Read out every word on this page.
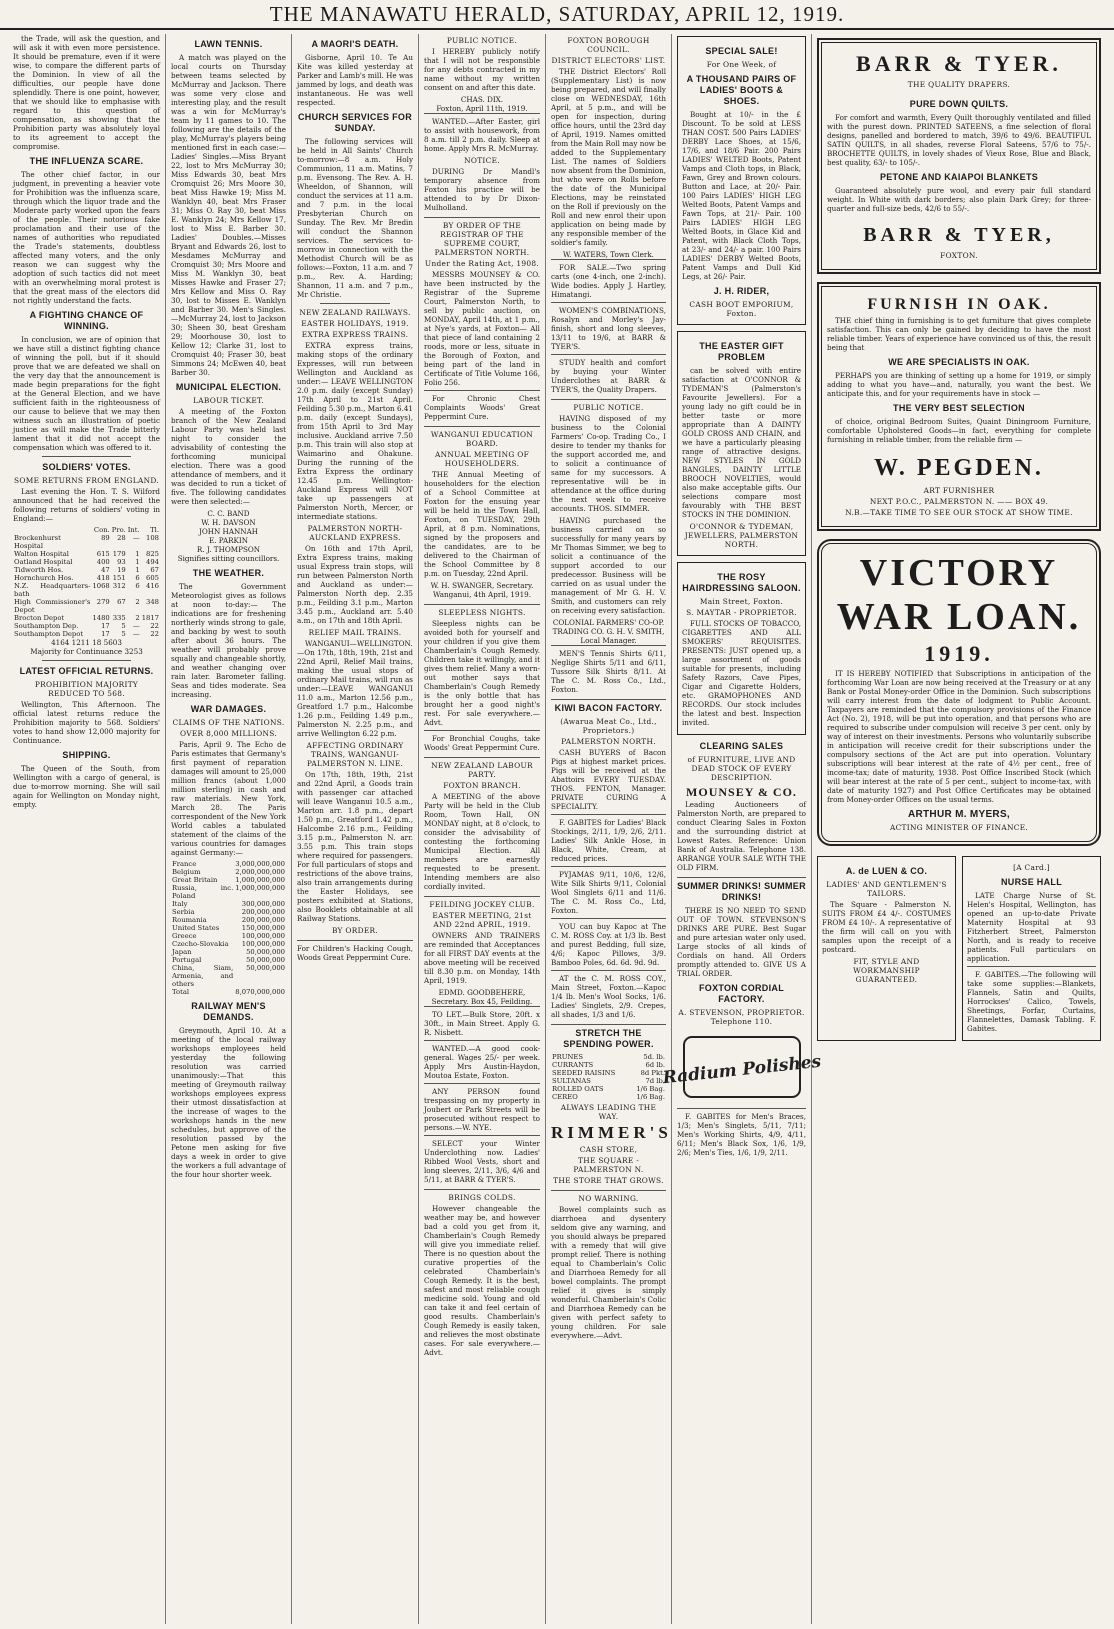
THE MANAWATU HERALD, SATURDAY, APRIL 12, 1919.

the Trade, will ask the question, and will ask it with even more persistence. It should be premature, even if it were wise, to compare the different parts of the Dominion. In view of all the difficulties, our people have done splendidly. There is one point, however, that we should like to emphasise with regard to this question of compensation, as showing that the Prohibition party was absolutely loyal to its agreement to accept the compromise.

THE INFLUENZA SCARE.

The other chief factor, in our judgment, in preventing a heavier vote for Prohibition was the influenza scare, through which the liquor trade and the Moderate party worked upon the fears of the people. Their notorious fake proclamation and their use of the names of authorities who repudiated the Trade's statements, doubtless affected many voters, and the only reason we can suggest why the adoption of such tactics did not meet with an overwhelming moral protest is that the great mass of the electors did not rightly understand the facts.

A FIGHTING CHANCE OF WINNING.

In conclusion, we are of opinion that we have still a distinct fighting chance of winning the poll, but if it should prove that we are defeated we shall on the very day that the announcement is made begin preparations for the fight at the General Election, and we have sufficient faith in the righteousness of our cause to believe that we may then witness such an illustration of poetic justice as will make the Trade bitterly lament that it did not accept the compensation which was offered to it.

SOLDIERS' VOTES.
SOME RETURNS FROM ENGLAND.

Last evening the Hon. T. S. Wilford announced that he had received the following returns of soldiers' voting in England:—

	Con.	Pro.	Int.	Tl.
Brockenhurst Hospital	89	28	—	108
Walton Hospital	615	179	1	825
Oatland Hospital	400	93	1	494
Tidworth Hos.	47	19	1	67
Hornchurch Hos.	418	151	6	605
N.Z. Headquarters-bath	1068	312	6	416
High Commissioner's Depot	279	67	2	348
Brocton Depot	1480	335	2	1817
Southampton Dep.	17	5	—	22
Southampton Depot	17	5	—	22
4164 1211 18 5603
Majority for Continuance 3253
LATEST OFFICIAL RETURNS.
PROHIBITION MAJORITY REDUCED TO 568.

Wellington, This Afternoon. The official latest returns reduce the Prohibition majority to 568. Soldiers' votes to hand show 12,000 majority for Continuance.

SHIPPING.

The Queen of the South, from Wellington with a cargo of general, is due to-morrow morning. She will sail again for Wellington on Monday night, empty.

LAWN TENNIS.

A match was played on the local courts on Thursday between teams selected by McMurray and Jackson. There was some very close and interesting play, and the result was a win for McMurray's team by 11 games to 10. The following are the details of the play, McMurray's players being mentioned first in each case:— Ladies' Singles.—Miss Bryant 22, lost to Mrs McMurray 30; Miss Edwards 30, beat Mrs Cromquist 26; Mrs Moore 30, beat Miss Hawke 19; Miss M. Wanklyn 40, beat Mrs Fraser 31; Miss O. Ray 30, beat Miss E. Wanklyn 24; Mrs Kellow 17, lost to Miss E. Barber 30. Ladies' Doubles.—Misses Bryant and Edwards 26, lost to Mesdames McMurray and Cromquist 30; Mrs Moore and Miss M. Wanklyn 30, beat Misses Hawke and Fraser 27; Mrs Kellow and Miss O. Ray 30, lost to Misses E. Wanklyn and Barber 30. Men's Singles.—McMurray 24, lost to Jackson 30; Sheen 30, beat Gresham 29; Moorhouse 30, lost to Kellow 12; Clarke 31, lost to Cromquist 40; Fraser 30, beat Simmons 24; McEwen 40, beat Barber 30.

MUNICIPAL ELECTION.
LABOUR TICKET.

A meeting of the Foxton branch of the New Zealand Labour Party was held last night to consider the advisability of contesting the forthcoming municipal election. There was a good attendance of members, and it was decided to run a ticket of five. The following candidates were then selected:—

C. C. BAND
W. H. DAVSON
JOHN HANNAH
E. PARKIN
R. J. THOMPSON
Signifies sitting councillors.
THE WEATHER.

The Government Meteorologist gives as follows at noon to-day:— The indications are for freshening northerly winds strong to gale, and backing by west to south after about 36 hours. The weather will probably prove squally and changeable shortly, and weather changing over rain later. Barometer falling. Seas and tides moderate. Sea increasing.

WAR DAMAGES.
CLAIMS OF THE NATIONS.
OVER 8,000 MILLIONS.

Paris, April 9. The Echo de Paris estimates that Germany's first payment of reparation damages will amount to 25,000 million francs (about 1,000 million sterling) in cash and raw materials. New York, March 28. The Paris correspondent of the New York World cables a tabulated statement of the claims of the various countries for damages against Germany:—

France	3,000,000,000
Belgium	2,000,000,000
Great Britain	1,000,000,000
Russia, inc. Poland	1,000,000,000
Italy	300,000,000
Serbia	200,000,000
Roumania	200,000,000
United States	150,000,000
Greece	100,000,000
Czecho-Slovakia	100,000,000
Japan	50,000,000
Portugal	50,000,000
China, Siam, Armenia, and others	50,000,000
Total	8,070,000,000
RAILWAY MEN'S DEMANDS.

Greymouth, April 10. At a meeting of the local railway workshops employees held yesterday the following resolution was carried unanimously:—That this meeting of Greymouth railway workshops employees express their utmost dissatisfaction at the increase of wages to the workshops hands in the new schedules, but approve of the resolution passed by the Petone men asking for five days a week in order to give the workers a full advantage of the four hour shorter week.

A MAORI'S DEATH.

Gisborne, April 10. Te Au Kite was killed yesterday at Parker and Lamb's mill. He was jammed by logs, and death was instantaneous. He was well respected.

CHURCH SERVICES FOR SUNDAY.

The following services will be held in All Saints' Church to-morrow:—8 a.m. Holy Communion, 11 a.m. Matins, 7 p.m. Evensong. The Rev. A. H. Wheeldon, of Shannon, will conduct the services at 11 a.m. and 7 p.m. in the local Presbyterian Church on Sunday. The Rev. Mr Bredin will conduct the Shannon services. The services to-morrow in connection with the Methodist Church will be as follows:—Foxton, 11 a.m. and 7 p.m., Rev. A. Harding; Shannon, 11 a.m. and 7 p.m., Mr Christie.

NEW ZEALAND RAILWAYS.
EASTER HOLIDAYS, 1919.
EXTRA EXPRESS TRAINS.

EXTRA express trains, making stops of the ordinary Expresses, will run between Wellington and Auckland as under:— LEAVE WELLINGTON 2.0 p.m. daily (except Sunday) 17th April to 21st April. Feilding 5.30 p.m., Marton 6.41 p.m. daily (except Sundays), from 15th April to 3rd May inclusive. Auckland arrive 7.50 p.m. This train will also stop at Waimarino and Ohakune. During the running of the Extra Express the ordinary 12.45 p.m. Wellington-Auckland Express will NOT take up passengers at Palmerston North, Mercer, or intermediate stations.

PALMERSTON NORTH-AUCKLAND EXPRESS.

On 16th and 17th April, Extra Express trains, making usual Express train stops, will run between Palmerston North and Auckland as under:—Palmerston North dep. 2.35 p.m., Feilding 3.1 p.m., Marton 3.45 p.m., Auckland arr. 5.40 a.m., on 17th and 18th April.

RELIEF MAIL TRAINS.

WANGANUI—WELLINGTON.—On 17th, 18th, 19th, 21st and 22nd April, Relief Mail trains, making the usual stops of ordinary Mail trains, will run as under:—LEAVE WANGANUI 11.0 a.m., Marton 12.56 p.m., Greatford 1.7 p.m., Halcombe 1.26 p.m., Feilding 1.49 p.m., Palmerston N. 2.25 p.m., and arrive Wellington 6.22 p.m.

AFFECTING ORDINARY TRAINS, WANGANUI-PALMERSTON N. LINE.

On 17th, 18th, 19th, 21st and 22nd April, a Goods train with passenger car attached will leave Wanganui 10.5 a.m., Marton arr. 1.8 p.m., depart 1.50 p.m., Greatford 1.42 p.m., Halcombe 2.16 p.m., Feilding 3.15 p.m., Palmerston N. arr. 3.55 p.m. This train stops where required for passengers. For full particulars of stops and restrictions of the above trains, also train arrangements during the Easter Holidays, see posters exhibited at Stations, also Booklets obtainable at all Railway Stations.

BY ORDER.
For Children's Hacking Cough, Woods Great Peppermint Cure.
PUBLIC NOTICE.

I HEREBY publicly notify that I will not be responsible for any debts contracted in my name without my written consent on and after this date.

CHAS. DIX.
Foxton, April 11th, 1919.

WANTED.—After Easter, girl to assist with housework, from 8 a.m. till 2 p.m. daily. Sleep at home. Apply Mrs R. McMurray.

NOTICE.

DURING Dr Mandl's temporary absence from Foxton his practice will be attended to by Dr Dixon-Mulholland.

BY ORDER OF THE REGISTRAR OF THE SUPREME COURT, PALMERSTON NORTH.
Under the Rating Act, 1908.

MESSRS MOUNSEY & CO. have been instructed by the Registrar of the Supreme Court, Palmerston North, to sell by public auction, on MONDAY, April 14th, at 1 p.m., at Nye's yards, at Foxton— All that piece of land containing 2 roods, more or less, situate in the Borough of Foxton, and being part of the land in Certificate of Title Volume 166, Folio 256.

For Chronic Chest Complaints Woods' Great Peppermint Cure.

WANGANUI EDUCATION BOARD.
ANNUAL MEETING OF HOUSEHOLDERS.

THE Annual Meeting of householders for the election of a School Committee at Foxton for the ensuing year will be held in the Town Hall, Foxton, on TUESDAY, 29th April, at 8 p.m. Nominations, signed by the proposers and the candidates, are to be delivered to the Chairman of the School Committee by 8 p.m. on Tuesday, 22nd April.

W. H. SWANGER, Secretary.
Wanganui, 4th April, 1919.
SLEEPLESS NIGHTS.

Sleepless nights can be avoided both for yourself and your children if you give them Chamberlain's Cough Remedy. Children take it willingly, and it gives them relief. Many a worn-out mother says that Chamberlain's Cough Remedy is the only bottle that has brought her a good night's rest. For sale everywhere.—Advt.

For Bronchial Coughs, take Woods' Great Peppermint Cure.

NEW ZEALAND LABOUR PARTY.
FOXTON BRANCH.

A MEETING of the above Party will be held in the Club Room, Town Hall, ON MONDAY night, at 8 o'clock, to consider the advisability of contesting the forthcoming Municipal Election. All members are earnestly requested to be present. Intending members are also cordially invited.

FEILDING JOCKEY CLUB.
EASTER MEETING, 21st AND 22nd APRIL, 1919.

OWNERS AND TRAINERS are reminded that Acceptances for all FIRST DAY events at the above meeting will be received till 8.30 p.m. on Monday, 14th April, 1919.

EDMD. GOODBEHERE, Secretary. Box 45, Feilding.

TO LET.—Bulk Store, 20ft. x 30ft., in Main Street. Apply G. R. Nisbett.

WANTED.—A good cook-general. Wages 25/- per week. Apply Mrs Austin-Haydon, Moutoa Estate, Foxton.

ANY PERSON found trespassing on my property in Joubert or Park Streets will be prosecuted without respect to persons.—W. NYE.

SELECT your Winter Underclothing now. Ladies' Ribbed Wool Vests, short and long sleeves, 2/11, 3/6, 4/6 and 5/11, at BARR & TYER'S.

BRINGS COLDS.

However changeable the weather may be, and however bad a cold you get from it, Chamberlain's Cough Remedy will give you immediate relief. There is no question about the curative properties of the celebrated Chamberlain's Cough Remedy. It is the best, safest and most reliable cough medicine sold. Young and old can take it and feel certain of good results. Chamberlain's Cough Remedy is easily taken, and relieves the most obstinate cases. For sale everywhere.—Advt.

FOXTON BOROUGH COUNCIL.
DISTRICT ELECTORS' LIST.

THE District Electors' Roll (Supplementary List) is now being prepared, and will finally close on WEDNESDAY, 16th April, at 5 p.m., and will be open for inspection, during office hours, until the 23rd day of April, 1919. Names omitted from the Main Roll may now be added to the Supplementary List. The names of Soldiers now absent from the Dominion, but who were on Rolls before the date of the Municipal Elections, may be reinstated on the Roll if previously on the Roll and new enrol their upon application on being made by any responsible member of the soldier's family.

W. WATERS, Town Clerk.

FOR SALE.—Two spring carts (one 4-inch, one 2-inch). Wide bodies. Apply J. Hartley, Himatangi.

WOMEN'S COMBINATIONS, Rosalyn and Morley's Jay-finish, short and long sleeves, 13/11 to 19/6, at BARR & TYER'S.

STUDY health and comfort by buying your Winter Underclothes at BARR & TYER'S, the Quality Drapers.

PUBLIC NOTICE.

HAVING disposed of my business to the Colonial Farmers' Co-op. Trading Co., I desire to tender my thanks for the support accorded me, and to solicit a continuance of same for my successors. A representative will be in attendance at the office during the next week to receive accounts. THOS. SIMMER.

HAVING purchased the business carried on so successfully for many years by Mr Thomas Simmer, we beg to solicit a continuance of the support accorded to our predecessor. Business will be carried on as usual under the management of Mr G. H. V. Smith, and customers can rely on receiving every satisfaction.

COLONIAL FARMERS' CO-OP. TRADING CO. G. H. V. SMITH, Local Manager.

MEN'S Tennis Shirts 6/11, Neglige Shirts 5/11 and 6/11, Tussore Silk Shirts 8/11. At The C. M. Ross Co., Ltd., Foxton.

KIWI BACON FACTORY.
(Awarua Meat Co., Ltd., Proprietors.)
PALMERSTON NORTH.

CASH BUYERS of Bacon Pigs at highest market prices. Pigs will be received at the Abattoirs EVERY TUESDAY. THOS. FENTON, Manager. PRIVATE CURING A SPECIALITY.

F. GABITES for Ladies' Black Stockings, 2/11, 1/9, 2/6, 2/11. Ladies' Silk Ankle Hose, in Black, White, Cream, at reduced prices.

PYJAMAS 9/11, 10/6, 12/6, Wite Silk Shirts 9/11, Colonial Wool Singlets 6/11 and 11/6. The C. M. Ross Co., Ltd, Foxton.

YOU can buy Kapoc at The C. M. ROSS Coy. at 1/3 lb. Best and purest Bedding, full size, 4/6; Kapoc Pillows, 3/9. Bamboo Poles, 6d. 6d. 9d. 9d.

AT the C. M. ROSS COY., Main Street, Foxton.—Kapoc 1/4 lb. Men's Wool Socks, 1/6. Ladies' Singlets, 2/9. Crepes, all shades, 1/3 and 1/6.

STRETCH THE SPENDING POWER.
PRUNES	5d. lb.
CURRANTS	6d lb.
SEEDED RAISINS	8d Pkt.
SULTANAS	7d lb.
ROLLED OATS	1/6 Bag.
CEREO	1/6 Bag.
ALWAYS LEADING THE WAY.
RIMMER'S
CASH STORE,
THE SQUARE - PALMERSTON N.
THE STORE THAT GROWS.
NO WARNING.

Bowel complaints such as diarrhoea and dysentery seldom give any warning, and you should always be prepared with a remedy that will give prompt relief. There is nothing equal to Chamberlain's Colic and Diarrhoea Remedy for all bowel complaints. The prompt relief it gives is simply wonderful. Chamberlain's Colic and Diarrhoea Remedy can be given with perfect safety to young children. For sale everywhere.—Advt.

SPECIAL SALE!
For One Week, of
A THOUSAND PAIRS OF LADIES' BOOTS & SHOES.

Bought at 10/- in the £ Discount. To be sold at LESS THAN COST. 500 Pairs LADIES' DERBY Lace Shoes, at 15/6, 17/6, and 18/6 Pair. 200 Pairs LADIES' WELTED Boots, Patent Vamps and Cloth tops, in Black, Fawn, Grey and Brown colours. Button and Lace, at 20/- Pair. 100 Pairs LADIES' HIGH LEG Welted Boots, Patent Vamps and Fawn Tops, at 21/- Pair. 100 Pairs LADIES' HIGH LEG Welted Boots, in Glace Kid and Patent, with Black Cloth Tops, at 23/- and 24/- a pair. 100 Pairs LADIES' DERBY Welted Boots, Patent Vamps and Dull Kid Legs, at 26/- Pair.

J. H. RIDER,
CASH BOOT EMPORIUM, Foxton.
THE EASTER GIFT PROBLEM

can be solved with entire satisfaction at O'CONNOR & TYDEMAN'S (Palmerston's Favourite Jewellers). For a young lady no gift could be in better taste or more appropriate than A DAINTY GOLD CROSS AND CHAIN, and we have a particularly pleasing range of attractive designs. NEW STYLES IN GOLD BANGLES, DAINTY LITTLE BROOCH NOVELTIES, would also make acceptable gifts. Our selections compare most favourably with THE BEST STOCKS IN THE DOMINION.

O'CONNOR & TYDEMAN, JEWELLERS, PALMERSTON NORTH.
THE ROSY HAIRDRESSING SALOON.
Main Street, Foxton.
S. MAYTAR - PROPRIETOR.

FULL STOCKS OF TOBACCO, CIGARETTES AND ALL SMOKERS' REQUISITES. PRESENTS: JUST opened up, a large assortment of goods suitable for presents, including Safety Razors, Cave Pipes, Cigar and Cigarette Holders, etc. GRAMOPHONES AND RECORDS. Our stock includes the latest and best. Inspection invited.

CLEARING SALES
of FURNITURE, LIVE AND DEAD STOCK OF EVERY DESCRIPTION.
MOUNSEY & CO.

Leading Auctioneers of Palmerston North, are prepared to conduct Clearing Sales in Foxton and the surrounding district at Lowest Rates. Reference: Union Bank of Australia. Telephone 138. ARRANGE YOUR SALE WITH THE OLD FIRM.

SUMMER DRINKS! SUMMER DRINKS!

THERE IS NO NEED TO SEND OUT OF TOWN. STEVENSON'S DRINKS ARE PURE. Best Sugar and pure artesian water only used. Large stocks of all kinds of Cordials on hand. All Orders promptly attended to. GIVE US A TRIAL ORDER.

FOXTON CORDIAL FACTORY.
A. STEVENSON, PROPRIETOR. Telephone 110.
Radium Polishes

F. GABITES for Men's Braces, 1/3; Men's Singlets, 5/11, 7/11; Men's Working Shirts, 4/9, 4/11, 6/11; Men's Black Sox, 1/6, 1/9, 2/6; Men's Ties, 1/6, 1/9, 2/11.

BARR & TYER.
THE QUALITY DRAPERS.
PURE DOWN QUILTS.

For comfort and warmth, Every Quilt thoroughly ventilated and filled with the purest down. PRINTED SATEENS, a fine selection of floral designs, panelled and bordered to match, 39/6 to 49/6. BEAUTIFUL SATIN QUILTS, in all shades, reverse Floral Sateens, 57/6 to 75/-. BROCHETTE QUILTS, in lovely shades of Vieux Rose, Blue and Black, best quality, 63/- to 105/-.

PETONE AND KAIAPOI BLANKETS

Guaranteed absolutely pure wool, and every pair full standard weight. In White with dark borders; also plain Dark Grey; for three-quarter and full-size beds, 42/6 to 55/-.

BARR & TYER,
FOXTON.
FURNISH IN OAK.

THE chief thing in furnishing is to get furniture that gives complete satisfaction. This can only be gained by deciding to have the most reliable timber. Years of experience have convinced us of this, the result being that

WE ARE SPECIALISTS IN OAK.

PERHAPS you are thinking of setting up a home for 1919, or simply adding to what you have—and, naturally, you want the best. We anticipate this, and for your requirements have in stock —

THE VERY BEST SELECTION

of choice, original Bedroom Suites, Quaint Diningroom Furniture, comfortable Upholstered Goods—in fact, everything for complete furnishing in reliable timber, from the reliable firm —

W. PEGDEN.
ART FURNISHER
NEXT P.O.C., PALMERSTON N. —— BOX 49.
N.B.—TAKE TIME TO SEE OUR STOCK AT SHOW TIME.
VICTORY
WAR LOAN.
1919.

IT IS HEREBY NOTIFIED that Subscriptions in anticipation of the forthcoming War Loan are now being received at the Treasury or at any Bank or Postal Money-order Office in the Dominion. Such subscriptions will carry interest from the date of lodgment to Public Account. Taxpayers are reminded that the compulsory provisions of the Finance Act (No. 2), 1918, will be put into operation, and that persons who are required to subscribe under compulsion will receive 3 per cent. only by way of interest on their investments. Persons who voluntarily subscribe in anticipation will receive credit for their subscriptions under the compulsory sections of the Act are put into operation. Voluntary subscriptions will bear interest at the rate of 4½ per cent., free of income-tax; date of maturity, 1938. Post Office Inscribed Stock (which will bear interest at the rate of 5 per cent., subject to income-tax, with date of maturity 1927) and Post Office Certificates may be obtained from Money-order Offices on the usual terms.

ARTHUR M. MYERS,
ACTING MINISTER OF FINANCE.
A. de LUEN & CO.
LADIES' AND GENTLEMEN'S TAILORS.

The Square - Palmerston N. SUITS FROM £4 4/-. COSTUMES FROM £4 10/-. A representative of the firm will call on you with samples upon the receipt of a postcard.

FIT, STYLE AND WORKMANSHIP GUARANTEED.
[A Card.]
NURSE HALL

LATE Charge Nurse of St. Helen's Hospital, Wellington, has opened an up-to-date Private Maternity Hospital at 93 Fitzherbert Street, Palmerston North, and is ready to receive patients. Full particulars on application.

F. GABITES.—The following will take some supplies:—Blankets, Flannels, Satin and Quilts, Horrockses' Calico, Towels, Sheetings, Forfar, Curtains, Flannelettes, Damask Tabling. F. Gabites.
